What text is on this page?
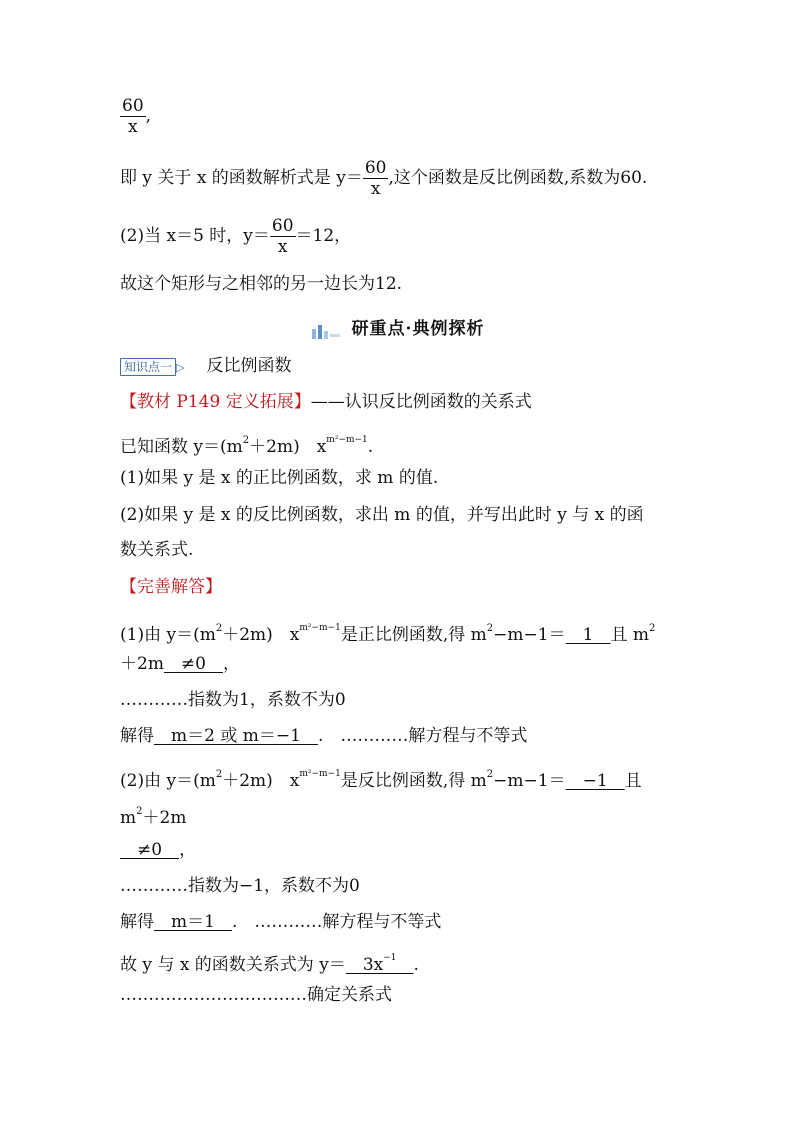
$\frac{60}{x}$ ,
即 y 关于 x 的函数解析式是 $y= \frac{60}{x}$ ,这个函数是反比例函数,系数为60.
(2)当 x＝5 时，$y= \frac{60}{x} =12$，
故这个矩形与之相邻的另一边长为12.
研重点·典例探析
知识点一 ▷ 反比例函数
【教材 P149 定义拓展】——认识反比例函数的关系式
已知函数 $y=(m^2+2m)$　$x^{m^2-m-1}$.
(1)如果 y 是 x 的正比例函数，求 m 的值.
(2)如果 y 是 x 的反比例函数，求出 m 的值，并写出此时 y 与 x 的函
数关系式.
【完善解答】
(1)由 $y=(m^2+2m)$　$x^{m^2-m-1}$是正比例函数,得 $m^2-m-1=$　1　且 $m^2$
＋2m　≠0　，
…………指数为1，系数不为0
解得　m＝2 或 m＝−1　.　…………解方程与不等式
(2)由 $y=(m^2+2m)$　$x^{m^2-m-1}$是反比例函数,得 $m^2-m-1=$　−1　且
$m^2+2m$
　≠0　，
…………指数为−1，系数不为0
解得　m＝1　.　…………解方程与不等式
故 y 与 x 的函数关系式为 y＝　$3x^{-1}$　 .
……………………………确定关系式
